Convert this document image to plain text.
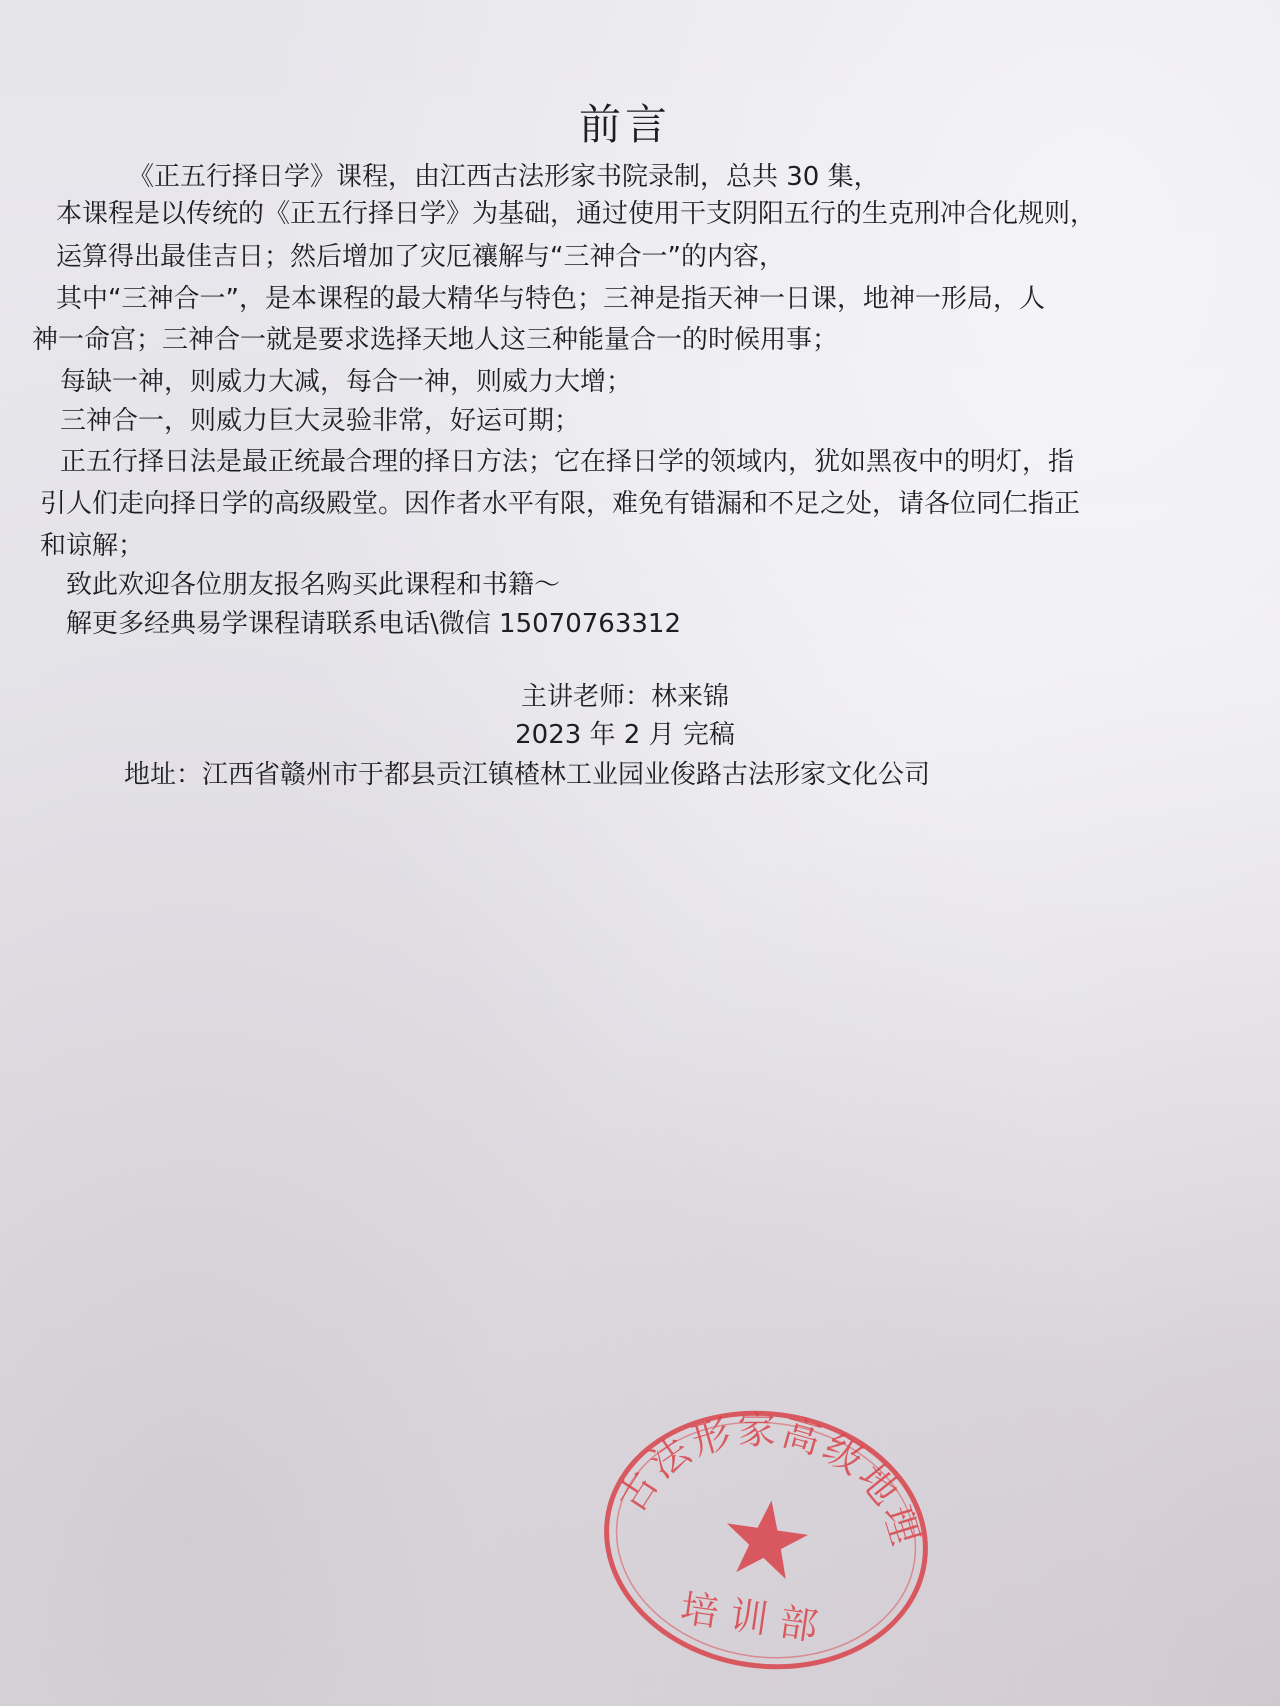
前言
《正五行择日学》课程，由江西古法形家书院录制，总共 30 集，
本课程是以传统的《正五行择日学》为基础，通过使用干支阴阳五行的生克刑冲合化规则，
运算得出最佳吉日；然后增加了灾厄禳解与“三神合一”的内容，
其中“三神合一”，是本课程的最大精华与特色；三神是指天神一日课，地神一形局，人
神一命宫；三神合一就是要求选择天地人这三种能量合一的时候用事；
每缺一神，则威力大减，每合一神，则威力大增；
三神合一，则威力巨大灵验非常，好运可期；
正五行择日法是最正统最合理的择日方法；它在择日学的领域内，犹如黑夜中的明灯，指
引人们走向择日学的高级殿堂。因作者水平有限，难免有错漏和不足之处，请各位同仁指正
和谅解；
致此欢迎各位朋友报名购买此课程和书籍～
解更多经典易学课程请联系电话\微信 15070763312
主讲老师：林来锦
2023 年 2 月 完稿
地址：江西省赣州市于都县贡江镇楂林工业园业俊路古法形家文化公司
古法形家高级地理
培训部
